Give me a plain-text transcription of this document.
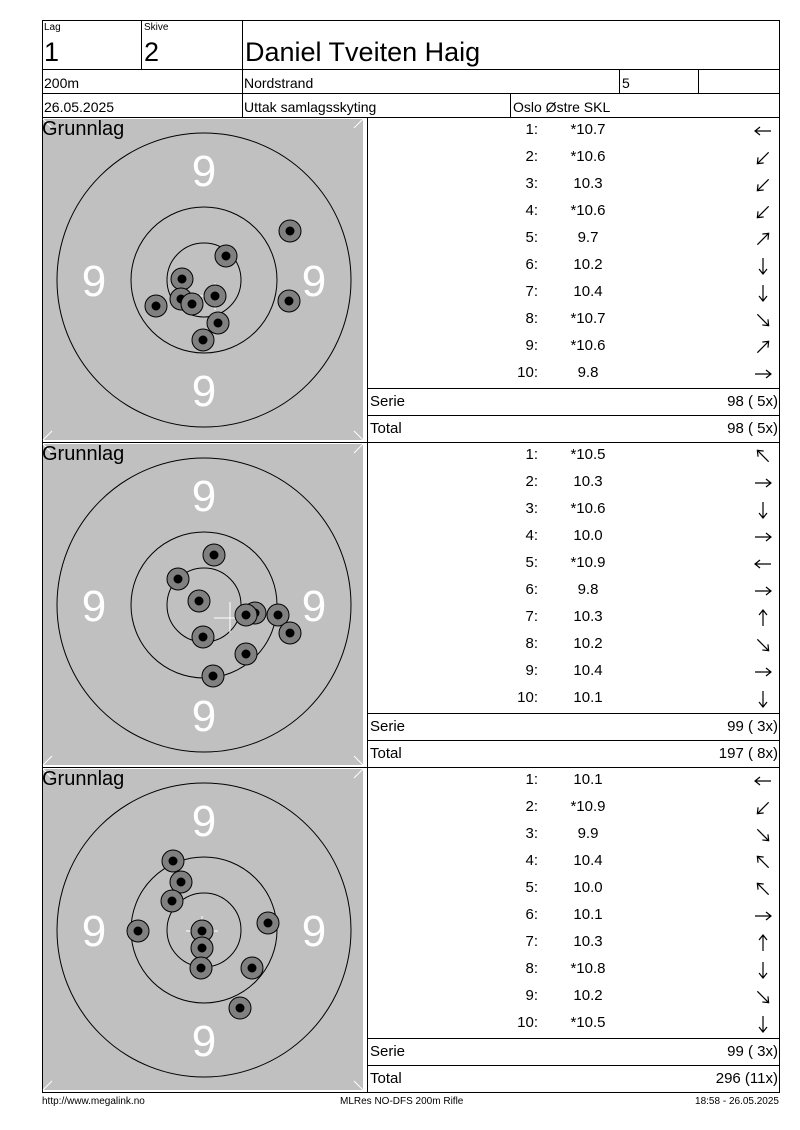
Lag
1
Skive
2	Daniel Tveiten Haig
200m	Nordstrand	5
26.05.2025	Uttak samlagsskyting	Oslo Østre SKL
9
9
9	9
Grunnlag	1:	*10.7
2:	*10.6
3:	10.3
4:	*10.6
5:	9.7
6:	10.2
7:	10.4
8:	*10.7
9:	*10.6
10:	9.8
Serie	98 ( 5x)
Total	98 ( 5x)
9
9
9	9
Grunnlag	1:	*10.5
2:	10.3
3:	*10.6
4:	10.0
5:	*10.9
6:	9.8
7:	10.3
8:	10.2
9:	10.4
10:	10.1
Serie	99 ( 3x)
Total	197 ( 8x)
9
9
9	9
Grunnlag	1:	10.1
2:	*10.9
3:	9.9
4:	10.4
5:	10.0
6:	10.1
7:	10.3
8:	*10.8
9:	10.2
10:	*10.5
Serie	99 ( 3x)
Total	296 (11x)
http://www.megalink.no	MLRes NO-DFS 200m Rifle	18:58 - 26.05.2025
